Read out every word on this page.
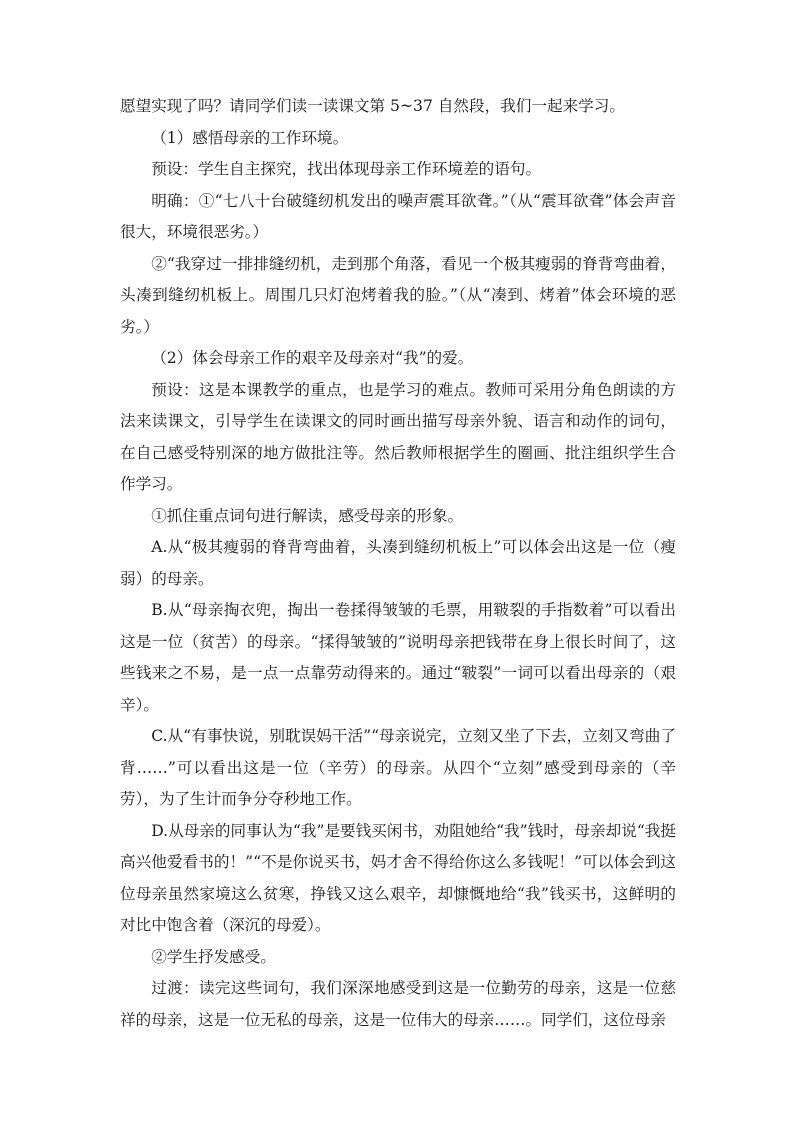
愿望实现了吗？请同学们读一读课文第 5~37 自然段，我们一起来学习。

（1）感悟母亲的工作环境。

预设：学生自主探究，找出体现母亲工作环境差的语句。

明确：①“七八十台破缝纫机发出的噪声震耳欲聋。”（从“震耳欲聋”体会声音很大，环境很恶劣。）

②“我穿过一排排缝纫机，走到那个角落，看见一个极其瘦弱的脊背弯曲着，头凑到缝纫机板上。周围几只灯泡烤着我的脸。”（从“凑到、烤着”体会环境的恶劣。）

（2）体会母亲工作的艰辛及母亲对“我”的爱。

预设：这是本课教学的重点，也是学习的难点。教师可采用分角色朗读的方法来读课文，引导学生在读课文的同时画出描写母亲外貌、语言和动作的词句，在自己感受特别深的地方做批注等。然后教师根据学生的圈画、批注组织学生合作学习。

①抓住重点词句进行解读，感受母亲的形象。

A.从“极其瘦弱的脊背弯曲着，头凑到缝纫机板上”可以体会出这是一位（瘦弱）的母亲。

B.从“母亲掏衣兜，掏出一卷揉得皱皱的毛票，用皲裂的手指数着”可以看出这是一位（贫苦）的母亲。“揉得皱皱的”说明母亲把钱带在身上很长时间了，这些钱来之不易，是一点一点靠劳动得来的。通过“皲裂”一词可以看出母亲的（艰辛）。

C.从“有事快说，别耽误妈干活”“母亲说完，立刻又坐了下去，立刻又弯曲了背……”可以看出这是一位（辛劳）的母亲。从四个“立刻”感受到母亲的（辛劳），为了生计而争分夺秒地工作。

D.从母亲的同事认为“我”是要钱买闲书，劝阻她给“我”钱时，母亲却说“我挺高兴他爱看书的！”“不是你说买书，妈才舍不得给你这么多钱呢！”可以体会到这位母亲虽然家境这么贫寒，挣钱又这么艰辛，却慷慨地给“我”钱买书，这鲜明的对比中饱含着（深沉的母爱）。

②学生抒发感受。

过渡：读完这些词句，我们深深地感受到这是一位勤劳的母亲，这是一位慈祥的母亲，这是一位无私的母亲，这是一位伟大的母亲……。同学们，这位母亲
